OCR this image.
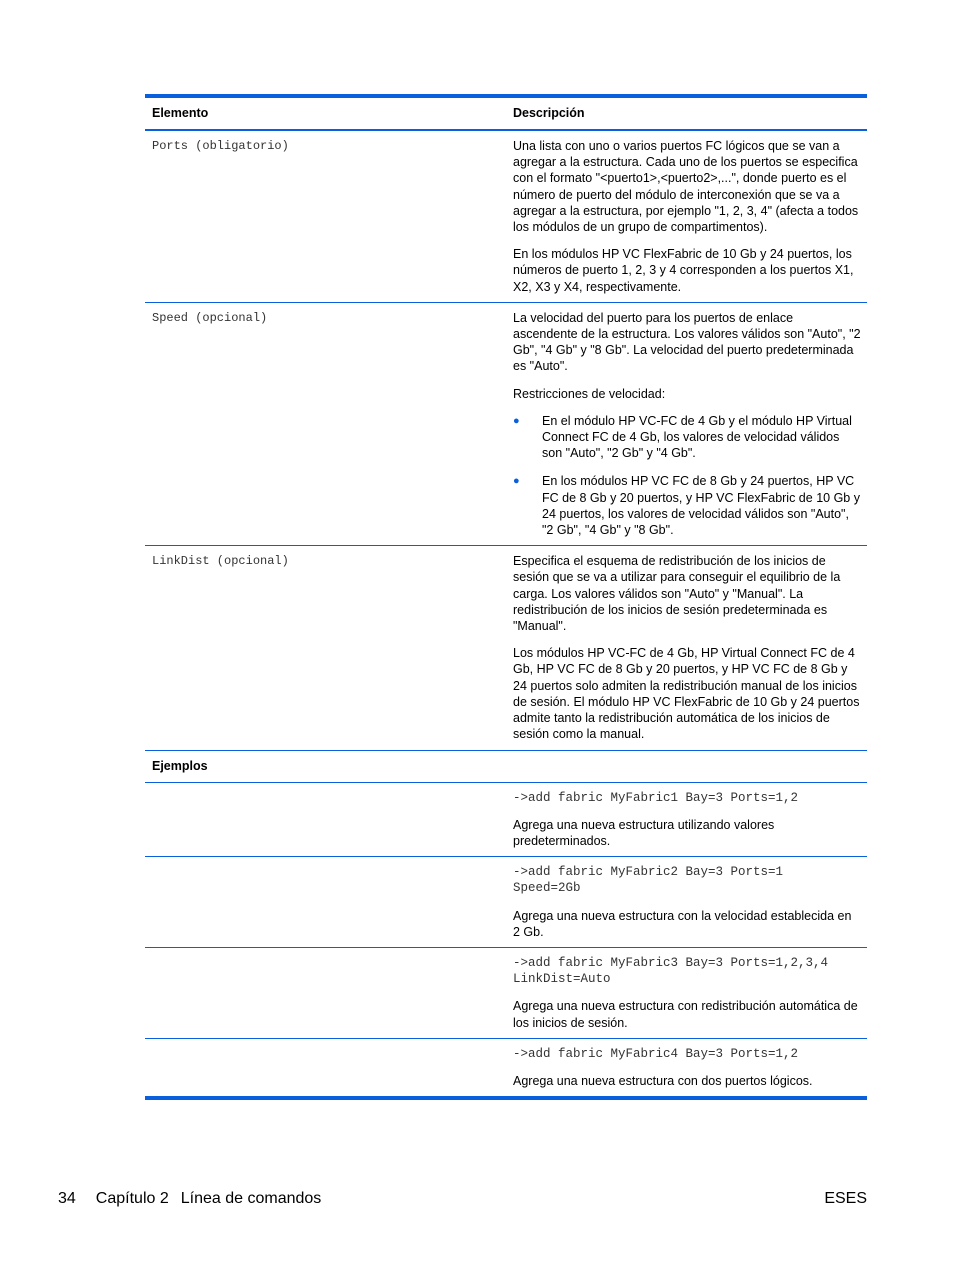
Elemento	Descripción
Ports (obligatorio)	Una lista con uno o varios puertos FC lógicos que se van a agregar a la estructura. Cada uno de los puertos se especifica con el formato "<puerto1>,<puerto2>,...", donde puerto es el número de puerto del módulo de interconexión que se va a agregar a la estructura, por ejemplo "1, 2, 3, 4" (afecta a todos los módulos de un grupo de compartimentos).

En los módulos HP VC FlexFabric de 10 Gb y 24 puertos, los números de puerto 1, 2, 3 y 4 corresponden a los puertos X1, X2, X3 y X4, respectivamente.

Speed (opcional)	La velocidad del puerto para los puertos de enlace ascendente de la estructura. Los valores válidos son "Auto", "2 Gb", "4 Gb" y "8 Gb". La velocidad del puerto predeterminada es "Auto".

Restricciones de velocidad:

●	En el módulo HP VC-FC de 4 Gb y el módulo HP Virtual Connect FC de 4 Gb, los valores de velocidad válidos son "Auto", "2 Gb" y "4 Gb".
●	En los módulos HP VC FC de 8 Gb y 24 puertos, HP VC FC de 8 Gb y 20 puertos, y HP VC FlexFabric de 10 Gb y 24 puertos, los valores de velocidad válidos son "Auto", "2 Gb", "4 Gb" y "8 Gb".
LinkDist (opcional)	Especifica el esquema de redistribución de los inicios de sesión que se va a utilizar para conseguir el equilibrio de la carga. Los valores válidos son "Auto" y "Manual". La redistribución de los inicios de sesión predeterminada es "Manual".

Los módulos HP VC-FC de 4 Gb, HP Virtual Connect FC de 4 Gb, HP VC FC de 8 Gb y 20 puertos, y HP VC FC de 8 Gb y 24 puertos solo admiten la redistribución manual de los inicios de sesión. El módulo HP VC FlexFabric de 10 Gb y 24 puertos admite tanto la redistribución automática de los inicios de sesión como la manual.

Ejemplos

->add fabric MyFabric1 Bay=3 Ports=1,2

Agrega una nueva estructura utilizando valores predeterminados.

->add fabric MyFabric2 Bay=3 Ports=1
Speed=2Gb

Agrega una nueva estructura con la velocidad establecida en 2 Gb.

->add fabric MyFabric3 Bay=3 Ports=1,2,3,4
LinkDist=Auto

Agrega una nueva estructura con redistribución automática de los inicios de sesión.

->add fabric MyFabric4 Bay=3 Ports=1,2

Agrega una nueva estructura con dos puertos lógicos.

34 Capítulo 2 Línea de comandos	ESES
